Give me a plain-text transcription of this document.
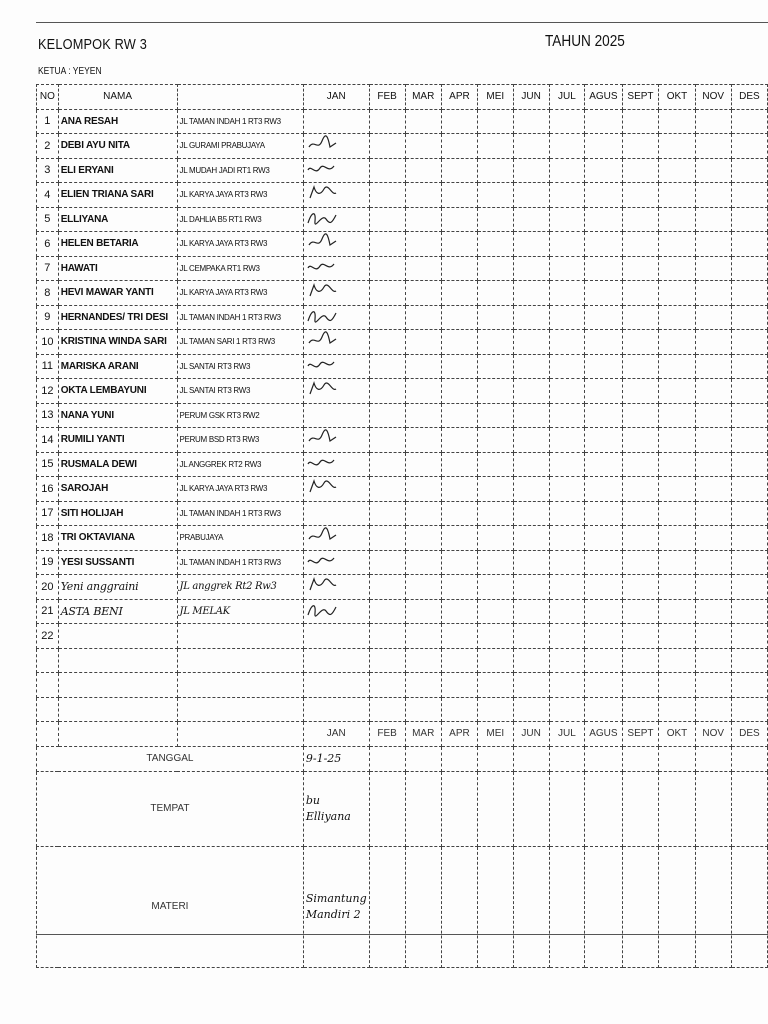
KELOMPOK RW 3	TAHUN 2025
KETUA : YEYEN
NO	NAMA		JAN	FEB	MAR	APR	MEI	JUN	JUL	AGUS	SEPT	OKT	NOV	DES
1	ANA RESAH	JL TAMAN INDAH 1 RT3 RW3												
2	DEBI AYU NITA	JL GURAMI PRABUJAYA												
3	ELI ERYANI	JL MUDAH JADI RT1 RW3												
4	ELIEN TRIANA SARI	JL KARYA JAYA RT3 RW3												
5	ELLIYANA	JL DAHLIA B5 RT1 RW3												
6	HELEN BETARIA	JL KARYA JAYA RT3 RW3												
7	HAWATI	JL CEMPAKA RT1 RW3												
8	HEVI MAWAR YANTI	JL KARYA JAYA RT3 RW3												
9	HERNANDES/ TRI DESI	JL TAMAN INDAH 1 RT3 RW3												
10	KRISTINA WINDA SARI	JL TAMAN SARI 1 RT3 RW3												
11	MARISKA ARANI	JL SANTAI RT3 RW3												
12	OKTA LEMBAYUNI	JL SANTAI RT3 RW3												
13	NANA YUNI	PERUM GSK RT3 RW2												
14	RUMILI YANTI	PERUM BSD RT3 RW3												
15	RUSMALA DEWI	JL ANGGREK RT2 RW3												
16	SAROJAH	JL KARYA JAYA RT3 RW3												
17	SITI HOLIJAH	JL TAMAN INDAH 1 RT3 RW3												
18	TRI OKTAVIANA	PRABUJAYA												
19	YESI SUSSANTI	JL TAMAN INDAH 1 RT3 RW3												
20	Yeni anggraini	JL anggrek Rt2 Rw3												
21	ASTA BENI	JL MELAK												
22														

			JAN	FEB	MAR	APR	MEI	JUN	JUL	AGUS	SEPT	OKT	NOV	DES
TANGGAL			9-1-25											
TEMPAT			bu Elliyana											
MATERI			Simantung Mandiri 2											
